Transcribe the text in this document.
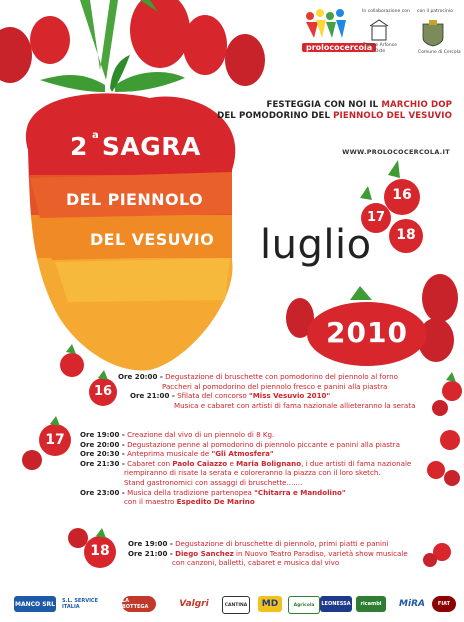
prolococercola
In collaborazione con con il patrocinio
Trenne Arfonse Oste	Comune di Cercola
FESTEGGIA CON NOI IL MARCHIO DOP
DEL POMODORINO DEL PIENNOLO DEL VESUVIO
WWW.PROLOCOCERCOLA.IT
2 SAGRA
a
DEL PIENNOLO
DEL VESUVIO luglio
16
17
18
2010
16
17
18
Ore 20:00 - Degustazione di bruschette con pomodorino del piennolo al forno
Paccheri al pomodorino del piennolo fresco e panini alla piastra
Ore 21:00 - Sfilata del concorso "Miss Vesuvio 2010"
Musica e cabaret con artisti di fama nazionale allieteranno la serata
Ore 19:00 - Creazione dal vivo di un piennolo di 8 Kg.
Ore 20:00 - Degustazione penne al pomodorino di piennolo piccante e panini alla piastra
Ore 20:30 - Anteprima musicale de "Gli Atmosfera"
Ore 21:30 - Cabaret con Paolo Caiazzo e Maria Bolignano, i due artisti di fama nazionale
riempiranno di risate la serata e coloreranno la piazza con il loro sketch.
Stand gastronomici con assaggi di bruschette.......
Ore 23:00 - Musica della tradizione partenopea "Chitarra e Mandolino"
con il maestro Espedito De Marino
Ore 19:00 - Degustazione di bruschette di piennolo, primi piatti e panini
Ore 21:00 - Diego Sanchez in Nuovo Teatro Paradiso, varietà show musicale
con canzoni, balletti, cabaret e musica dal vivo
MANCO SRL S.L. SERVICE ITALIA
LA BOTTEGA	Valgri	CANTINA	MD	Agricola	LEONESSA	ricambi	MiRA	FIAT
